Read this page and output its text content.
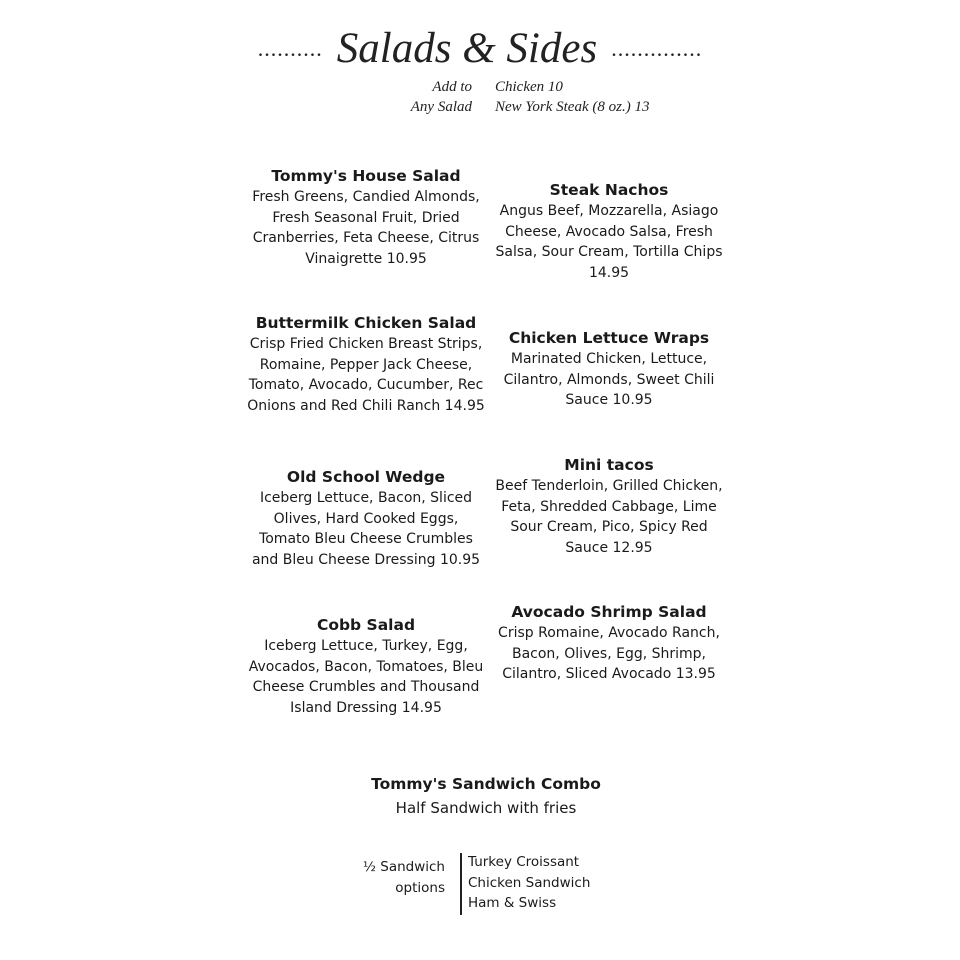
.......... Salads & Sides ..............
Add to Chicken 10
Any Salad New York Steak (8 oz.) 13
Tommy's House Salad
Fresh Greens, Candied Almonds, Fresh Seasonal Fruit, Dried Cranberries, Feta Cheese, Citrus Vinaigrette 10.95
Steak Nachos
Angus Beef, Mozzarella, Asiago Cheese, Avocado Salsa, Fresh Salsa, Sour Cream, Tortilla Chips 14.95
Buttermilk Chicken Salad
Crisp Fried Chicken Breast Strips, Romaine, Pepper Jack Cheese, Tomato, Avocado, Cucumber, Rec Onions and Red Chili Ranch 14.95
Chicken Lettuce Wraps
Marinated Chicken, Lettuce, Cilantro, Almonds, Sweet Chili Sauce 10.95
Old School Wedge
Iceberg Lettuce, Bacon, Sliced Olives, Hard Cooked Eggs, Tomato Bleu Cheese Crumbles and Bleu Cheese Dressing 10.95
Mini tacos
Beef Tenderloin, Grilled Chicken, Feta, Shredded Cabbage, Lime Sour Cream, Pico, Spicy Red Sauce 12.95
Cobb Salad
Iceberg Lettuce, Turkey, Egg, Avocados, Bacon, Tomatoes, Bleu Cheese Crumbles and Thousand Island Dressing 14.95
Avocado Shrimp Salad
Crisp Romaine, Avocado Ranch, Bacon, Olives, Egg, Shrimp, Cilantro, Sliced Avocado 13.95
Tommy's Sandwich Combo
Half Sandwich with fries
½ Sandwich
options
Turkey Croissant
Chicken Sandwich
Ham & Swiss
